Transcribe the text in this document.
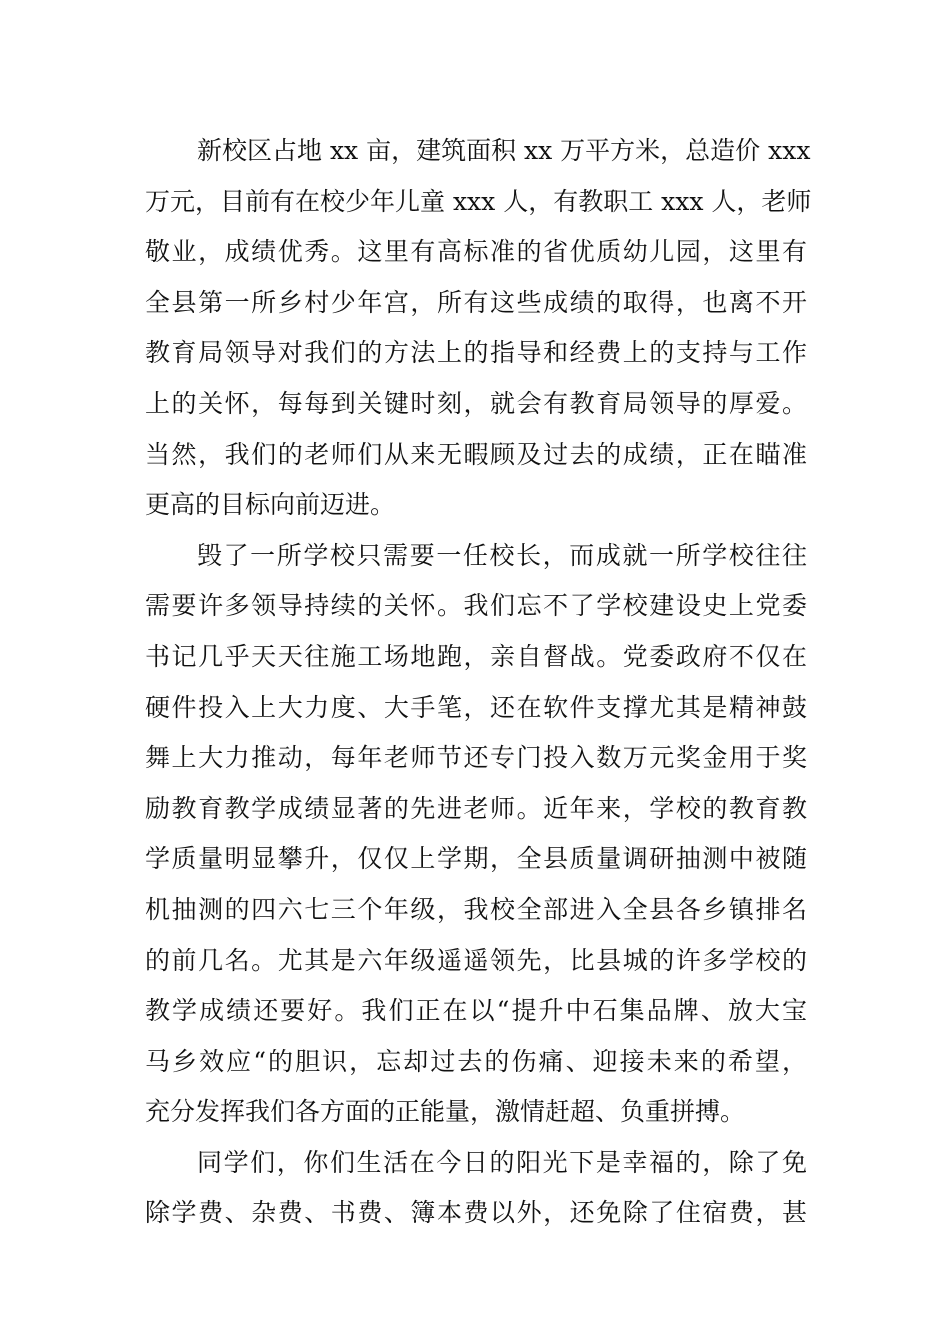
新校区占地 xx 亩，建筑面积 xx 万平方米，总造价 xxx
万元，目前有在校少年儿童 xxx 人，有教职工 xxx 人，老师
敬业，成绩优秀。这里有高标准的省优质幼儿园，这里有
全县第一所乡村少年宫，所有这些成绩的取得，也离不开
教育局领导对我们的方法上的指导和经费上的支持与工作
上的关怀，每每到关键时刻，就会有教育局领导的厚爱。
当然，我们的老师们从来无暇顾及过去的成绩，正在瞄准
更高的目标向前迈进。
毁了一所学校只需要一任校长，而成就一所学校往往
需要许多领导持续的关怀。我们忘不了学校建设史上党委
书记几乎天天往施工场地跑，亲自督战。党委政府不仅在
硬件投入上大力度、大手笔，还在软件支撑尤其是精神鼓
舞上大力推动，每年老师节还专门投入数万元奖金用于奖
励教育教学成绩显著的先进老师。近年来，学校的教育教
学质量明显攀升，仅仅上学期，全县质量调研抽测中被随
机抽测的四六七三个年级，我校全部进入全县各乡镇排名
的前几名。尤其是六年级遥遥领先，比县城的许多学校的
教学成绩还要好。我们正在以“提升中石集品牌、放大宝
马乡效应“的胆识，忘却过去的伤痛、迎接未来的希望，
充分发挥我们各方面的正能量，激情赶超、负重拼搏。
同学们，你们生活在今日的阳光下是幸福的，除了免
除学费、杂费、书费、簿本费以外，还免除了住宿费，甚
